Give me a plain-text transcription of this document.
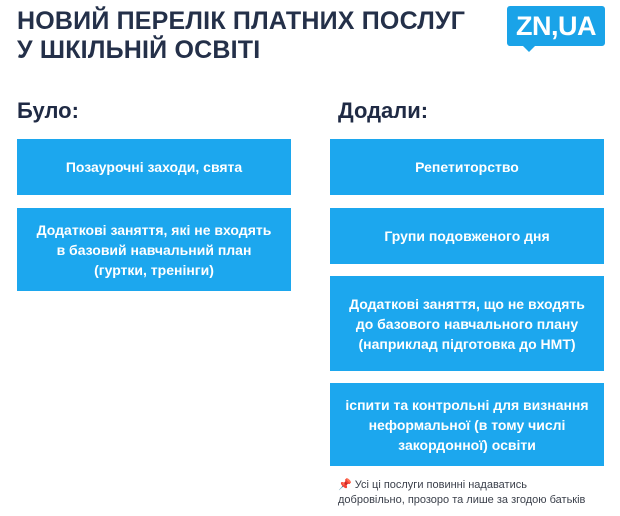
НОВИЙ ПЕРЕЛІК ПЛАТНИХ ПОСЛУГ
У ШКІЛЬНІЙ ОСВІТІ
ZN,UA
Було:	Додали:
Позаурочні заходи, свята
Додаткові заняття, які не входять в базовий навчальний план (гуртки, тренінги)
Репетиторство
Групи подовженого дня
Додаткові заняття, що не входять до базового навчального плану (наприклад підготовка до НМТ)
іспити та контрольні для визнання неформальної (в тому числі закордонної) освіти
📌 Усі ці послуги повинні надаватись
добровільно, прозоро та лише за згодою батьків
